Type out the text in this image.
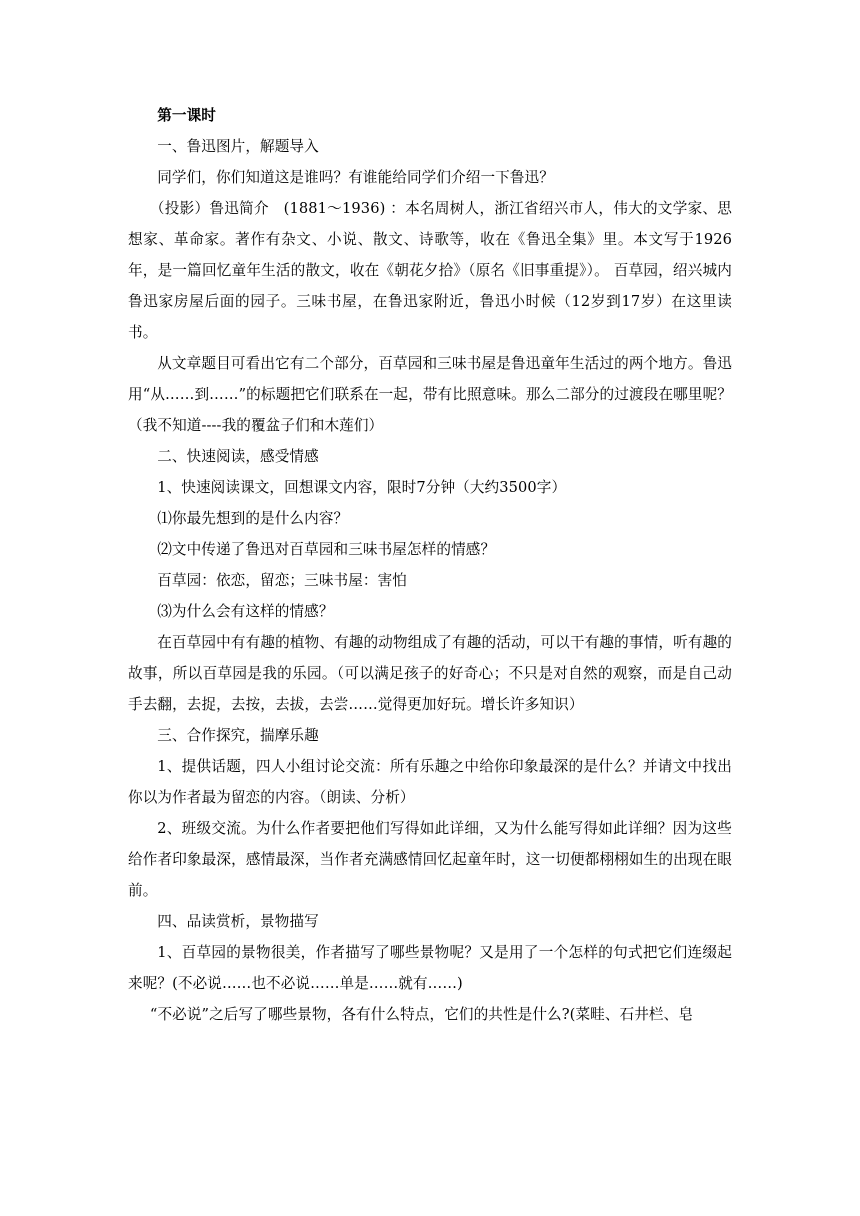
第一课时

一、鲁迅图片，解题导入

同学们，你们知道这是谁吗？有谁能给同学们介绍一下鲁迅？

（投影）鲁迅简介　(1881～1936) ：本名周树人，浙江省绍兴市人，伟大的文学家、思想家、革命家。著作有杂文、小说、散文、诗歌等，收在《鲁迅全集》里。本文写于1926年，是一篇回忆童年生活的散文，收在《朝花夕拾》（原名《旧事重提》）。 百草园，绍兴城内鲁迅家房屋后面的园子。三味书屋，在鲁迅家附近，鲁迅小时候（12岁到17岁）在这里读书。

从文章题目可看出它有二个部分，百草园和三味书屋是鲁迅童年生活过的两个地方。鲁迅用“从……到……”的标题把它们联系在一起，带有比照意味。那么二部分的过渡段在哪里呢？（我不知道----我的覆盆子们和木莲们）

二、快速阅读，感受情感

1、快速阅读课文，回想课文内容，限时7分钟（大约3500字）

⑴你最先想到的是什么内容？

⑵文中传递了鲁迅对百草园和三味书屋怎样的情感？

百草园：依恋，留恋；三味书屋：害怕

⑶为什么会有这样的情感？

在百草园中有有趣的植物、有趣的动物组成了有趣的活动，可以干有趣的事情，听有趣的故事，所以百草园是我的乐园。（可以满足孩子的好奇心；不只是对自然的观察，而是自己动手去翻，去捉，去按，去拔，去尝……觉得更加好玩。增长许多知识）

三、合作探究，揣摩乐趣

1、提供话题，四人小组讨论交流：所有乐趣之中给你印象最深的是什么？并请文中找出你以为作者最为留恋的内容。（朗读、分析）

2、班级交流。为什么作者要把他们写得如此详细，又为什么能写得如此详细？因为这些给作者印象最深，感情最深，当作者充满感情回忆起童年时，这一切便都栩栩如生的出现在眼前。

四、品读赏析，景物描写

1、百草园的景物很美，作者描写了哪些景物呢？又是用了一个怎样的句式把它们连缀起来呢？(不必说……也不必说……单是……就有……)

“不必说”之后写了哪些景物，各有什么特点，它们的共性是什么?(菜畦、石井栏、皂
